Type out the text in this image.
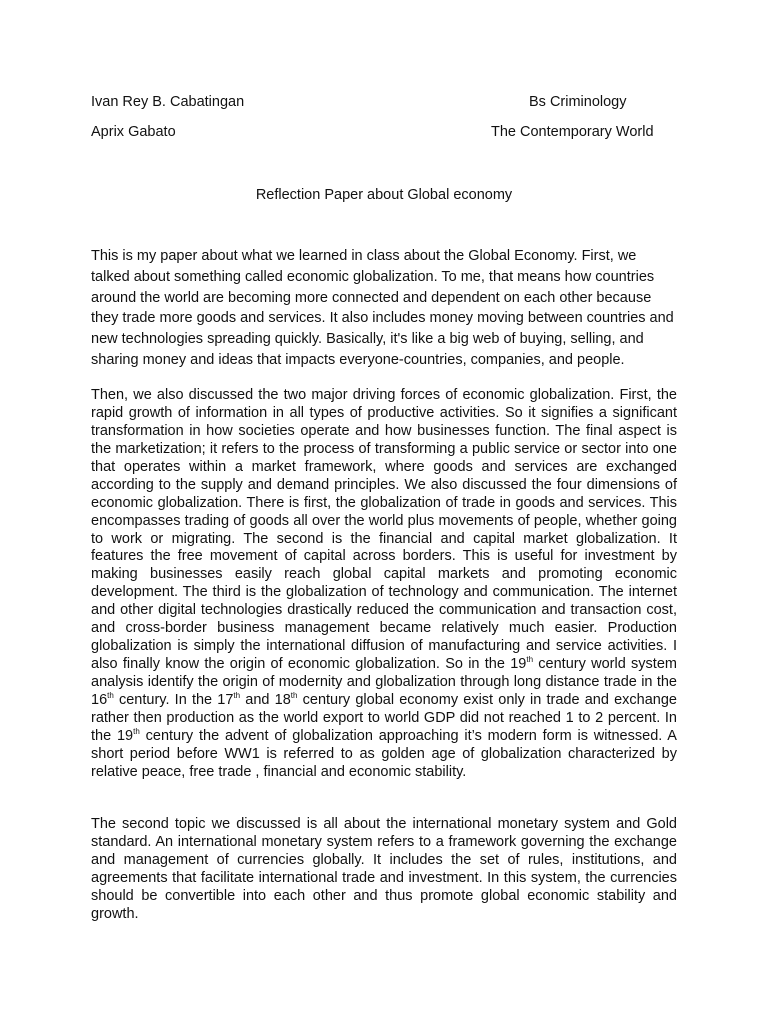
Ivan Rey B. Cabatingan	Bs Criminology
Aprix Gabato	The Contemporary World
Reflection Paper about Global economy

This is my paper about what we learned in class about the Global Economy. First, we talked about something called economic globalization. To me, that means how countries around the world are becoming more connected and dependent on each other because they trade more goods and services. It also includes money moving between countries and new technologies spreading quickly. Basically, it's like a big web of buying, selling, and sharing money and ideas that impacts everyone-countries, companies, and people.

Then, we also discussed the two major driving forces of economic globalization. First, the rapid growth of information in all types of productive activities. So it signifies a significant transformation in how societies operate and how businesses function. The final aspect is the marketization; it refers to the process of transforming a public service or sector into one that operates within a market framework, where goods and services are exchanged according to the supply and demand principles. We also discussed the four dimensions of economic globalization. There is first, the globalization of trade in goods and services. This encompasses trading of goods all over the world plus movements of people, whether going to work or migrating. The second is the financial and capital market globalization. It features the free movement of capital across borders. This is useful for investment by making businesses easily reach global capital markets and promoting economic development. The third is the globalization of technology and communication. The internet and other digital technologies drastically reduced the communication and transaction cost, and cross-border business management became relatively much easier. Production globalization is simply the international diffusion of manufacturing and service activities. I also finally know the origin of economic globalization. So in the 19th century world system analysis identify the origin of modernity and globalization through long distance trade in the 16th century. In the 17th and 18th century global economy exist only in trade and exchange rather then production as the world export to world GDP did not reached 1 to 2 percent. In the 19th century the advent of globalization approaching it’s modern form is witnessed. A short period before WW1 is referred to as golden age of globalization characterized by relative peace, free trade , financial and economic stability.

The second topic we discussed is all about the international monetary system and Gold standard. An international monetary system refers to a framework governing the exchange and management of currencies globally. It includes the set of rules, institutions, and agreements that facilitate international trade and investment. In this system, the currencies should be convertible into each other and thus promote global economic stability and growth.
